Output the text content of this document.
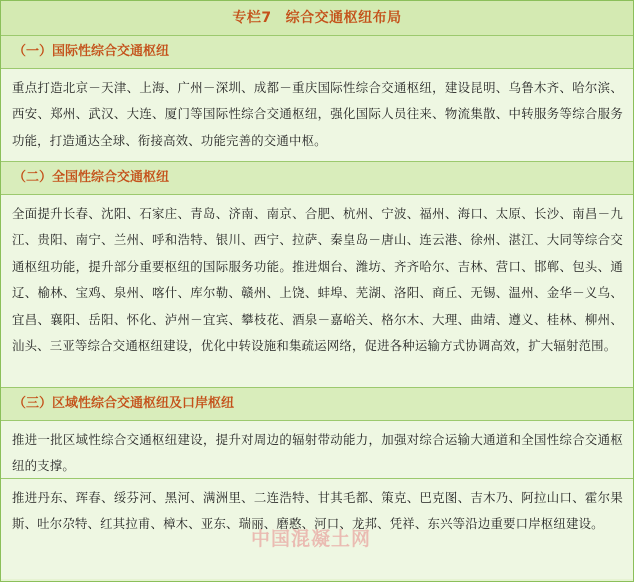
专栏7 综合交通枢纽布局
（一）国际性综合交通枢纽
重点打造北京－天津、上海、广州－深圳、成都－重庆国际性综合交通枢纽，建设昆明、乌鲁木齐、哈尔滨、西安、郑州、武汉、大连、厦门等国际性综合交通枢纽，强化国际人员往来、物流集散、中转服务等综合服务功能，打造通达全球、衔接高效、功能完善的交通中枢。
（二）全国性综合交通枢纽
全面提升长春、沈阳、石家庄、青岛、济南、南京、合肥、杭州、宁波、福州、海口、太原、长沙、南昌－九江、贵阳、南宁、兰州、呼和浩特、银川、西宁、拉萨、秦皇岛－唐山、连云港、徐州、湛江、大同等综合交通枢纽功能，提升部分重要枢纽的国际服务功能。推进烟台、潍坊、齐齐哈尔、吉林、营口、邯郸、包头、通辽、榆林、宝鸡、泉州、喀什、库尔勒、赣州、上饶、蚌埠、芜湖、洛阳、商丘、无锡、温州、金华－义乌、宜昌、襄阳、岳阳、怀化、泸州－宜宾、攀枝花、酒泉－嘉峪关、格尔木、大理、曲靖、遵义、桂林、柳州、汕头、三亚等综合交通枢纽建设，优化中转设施和集疏运网络，促进各种运输方式协调高效，扩大辐射范围。
（三）区域性综合交通枢纽及口岸枢纽
推进一批区域性综合交通枢纽建设，提升对周边的辐射带动能力，加强对综合运输大通道和全国性综合交通枢纽的支撑。
推进丹东、珲春、绥芬河、黑河、满洲里、二连浩特、甘其毛都、策克、巴克图、吉木乃、阿拉山口、霍尔果斯、吐尔尕特、红其拉甫、樟木、亚东、瑞丽、磨憨、河口、龙邦、凭祥、东兴等沿边重要口岸枢纽建设。
中国混凝土网
